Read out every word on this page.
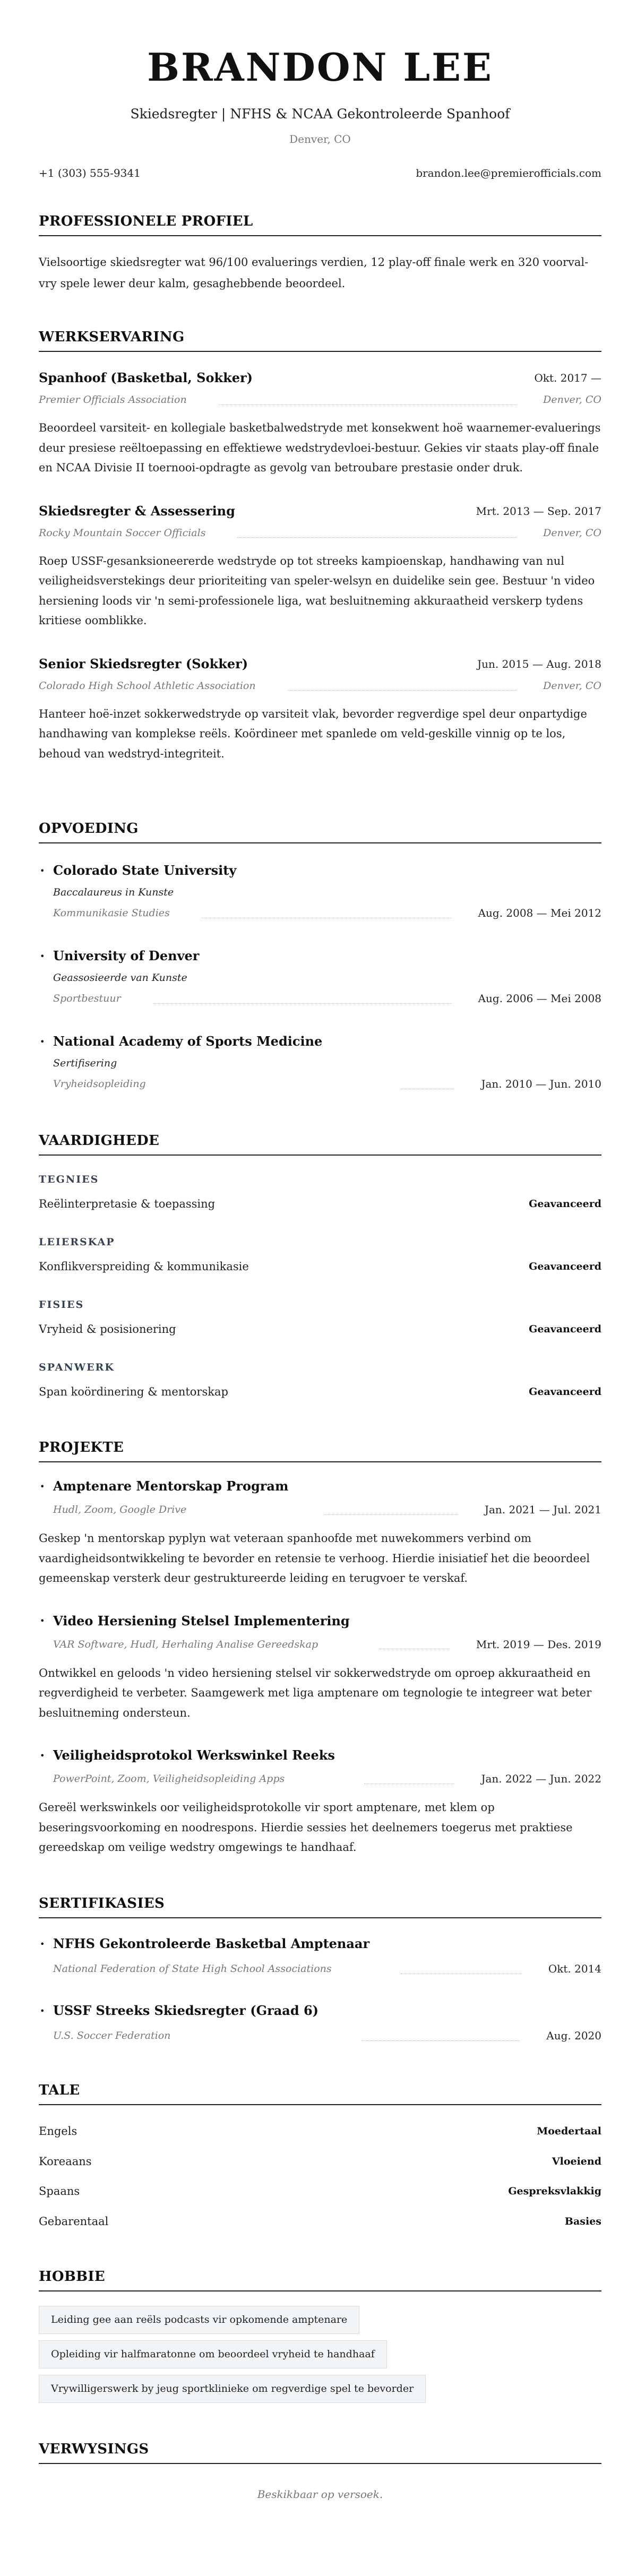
BRANDON LEE
Skiedsregter | NFHS & NCAA Gekontroleerde Spanhoof
Denver, CO
+1 (303) 555-9341	brandon.lee@premierofficials.com
PROFESSIONELE PROFIEL

Vielsoortige skiedsregter wat 96/100 evaluerings verdien, 12 play-off finale werk en 320 voorval-vry spele lewer deur kalm, gesaghebbende beoordeel.

WERKSERVARING
Spanhoof (Basketbal, Sokker)	Okt. 2017 —
Premier Officials Association	Denver, CO

Beoordeel varsiteit- en kollegiale basketbalwedstryde met konsekwent hoë waarnemer-evaluerings deur presiese reëltoepassing en effektiewe wedstrydevloei-bestuur. Gekies vir staats play-off finale en NCAA Divisie II toernooi-opdragte as gevolg van betroubare prestasie onder druk.

Skiedsregter & Assessering	Mrt. 2013 — Sep. 2017
Rocky Mountain Soccer Officials	Denver, CO

Roep USSF-gesanksioneererde wedstryde op tot streeks kampioenskap, handhawing van nul veiligheidsverstekings deur prioriteiting van speler-welsyn en duidelike sein gee. Bestuur 'n video hersiening loods vir 'n semi-professionele liga, wat besluitneming akkuraatheid verskerp tydens kritiese oomblikke.

Senior Skiedsregter (Sokker)	Jun. 2015 — Aug. 2018
Colorado High School Athletic Association	Denver, CO

Hanteer hoë-inzet sokkerwedstryde op varsiteit vlak, bevorder regverdige spel deur onpartydige handhawing van komplekse reëls. Koördineer met spanlede om veld-geskille vinnig op te los, behoud van wedstryd-integriteit.

OPVOEDING
• Colorado State University
Baccalaureus in Kunste
Kommunikasie Studies	Aug. 2008 — Mei 2012
• University of Denver
Geassosieerde van Kunste
Sportbestuur	Aug. 2006 — Mei 2008
• National Academy of Sports Medicine
Sertifisering
Vryheidsopleiding	Jan. 2010 — Jun. 2010
VAARDIGHEDE
TEGNIES
Reëlinterpretasie & toepassing	Geavanceerd
LEIERSKAP
Konflikverspreiding & kommunikasie	Geavanceerd
FISIES
Vryheid & posisionering	Geavanceerd
SPANWERK
Span koördinering & mentorskap	Geavanceerd
PROJEKTE
• Amptenare Mentorskap Program
Hudl, Zoom, Google Drive	Jan. 2021 — Jul. 2021

Geskep 'n mentorskap pyplyn wat veteraan spanhoofde met nuwekommers verbind om vaardigheidsontwikkeling te bevorder en retensie te verhoog. Hierdie inisiatief het die beoordeel gemeenskap versterk deur gestruktureerde leiding en terugvoer te verskaf.

• Video Hersiening Stelsel Implementering
VAR Software, Hudl, Herhaling Analise Gereedskap	Mrt. 2019 — Des. 2019

Ontwikkel en geloods 'n video hersiening stelsel vir sokkerwedstryde om oproep akkuraatheid en regverdigheid te verbeter. Saamgewerk met liga amptenare om tegnologie te integreer wat beter besluitneming ondersteun.

• Veiligheidsprotokol Werkswinkel Reeks
PowerPoint, Zoom, Veiligheidsopleiding Apps	Jan. 2022 — Jun. 2022

Gereël werkswinkels oor veiligheidsprotokolle vir sport amptenare, met klem op beseringsvoorkoming en noodrespons. Hierdie sessies het deelnemers toegerus met praktiese gereedskap om veilige wedstry omgewings te handhaaf.

SERTIFIKASIES
• NFHS Gekontroleerde Basketbal Amptenaar
National Federation of State High School Associations	Okt. 2014
• USSF Streeks Skiedsregter (Graad 6)
U.S. Soccer Federation	Aug. 2020
TALE
Engels	Moedertaal
Koreaans	Vloeiend
Spaans	Gespreksvlakkig
Gebarentaal	Basies
HOBBIE
Leiding gee aan reëls podcasts vir opkomende amptenare
Opleiding vir halfmaratonne om beoordeel vryheid te handhaaf
Vrywilligerswerk by jeug sportklinieke om regverdige spel te bevorder
VERWYSINGS

Beskikbaar op versoek.
